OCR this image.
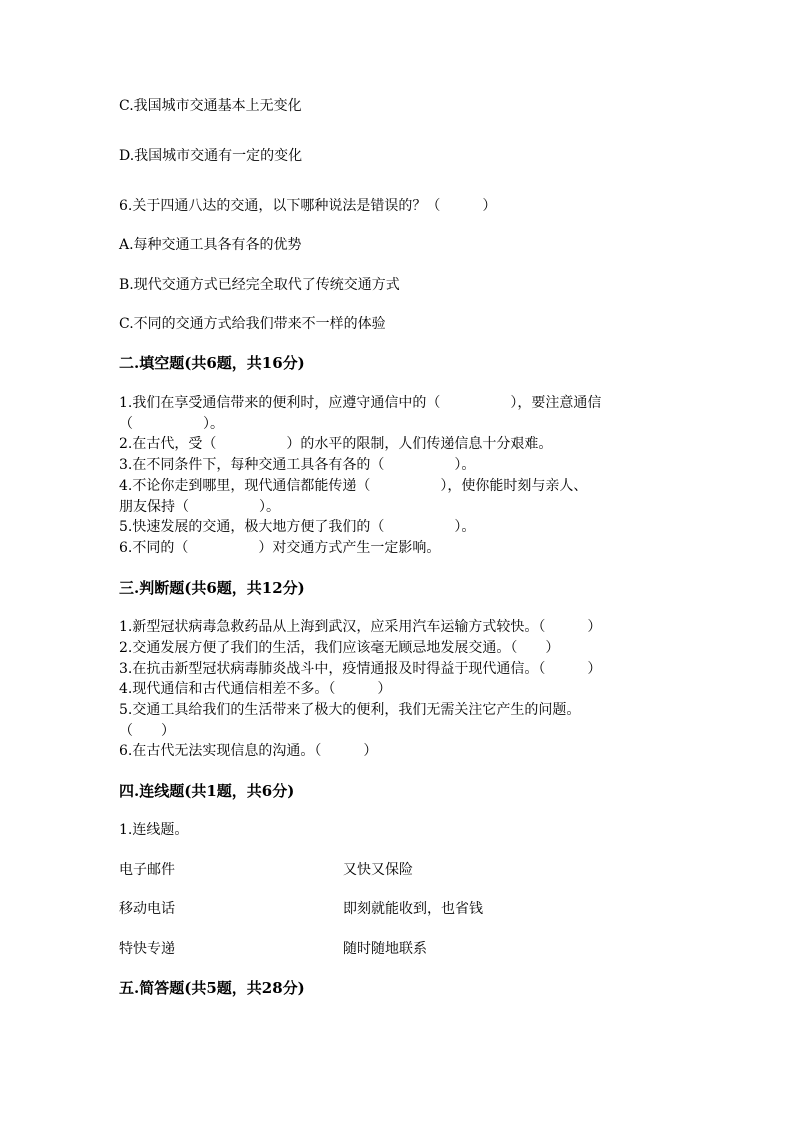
C.我国城市交通基本上无变化
D.我国城市交通有一定的变化
6.关于四通八达的交通，以下哪种说法是错误的？（　　　）
A.每种交通工具各有各的优势
B.现代交通方式已经完全取代了传统交通方式
C.不同的交通方式给我们带来不一样的体验
二.填空题(共6题，共16分)
1.我们在享受通信带来的便利时，应遵守通信中的（　　　　　），要注意通信
（　　　　　）。
2.在古代，受（　　　　　）的水平的限制，人们传递信息十分艰难。
3.在不同条件下，每种交通工具各有各的（　　　　　）。
4.不论你走到哪里，现代通信都能传递（　　　　　），使你能时刻与亲人、
朋友保持（　　　　　）。
5.快速发展的交通，极大地方便了我们的（　　　　　）。
6.不同的（　　　　　）对交通方式产生一定影响。
三.判断题(共6题，共12分)
1.新型冠状病毒急救药品从上海到武汉，应采用汽车运输方式较快。（　　　）
2.交通发展方便了我们的生活，我们应该毫无顾忌地发展交通。（　　）
3.在抗击新型冠状病毒肺炎战斗中，疫情通报及时得益于现代通信。（　　　）
4.现代通信和古代通信相差不多。（　　　）
5.交通工具给我们的生活带来了极大的便利，我们无需关注它产生的问题。
（　　）
6.在古代无法实现信息的沟通。（　　　）
四.连线题(共1题，共6分)
1.连线题。
电子邮件	又快又保险
移动电话	即刻就能收到，也省钱
特快专递	随时随地联系
五.简答题(共5题，共28分)
